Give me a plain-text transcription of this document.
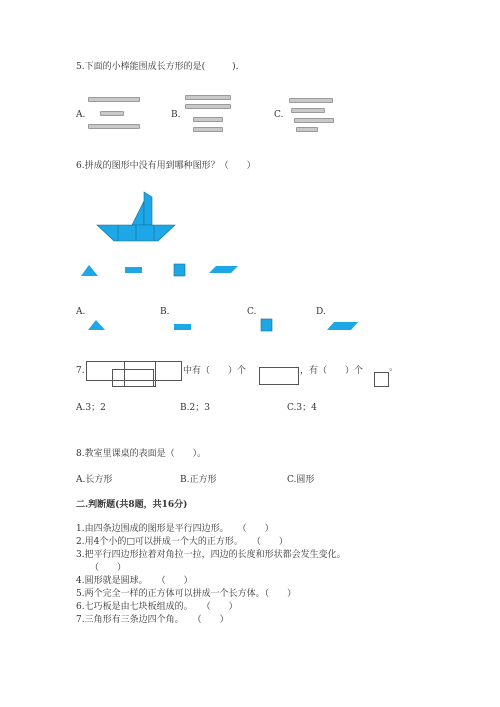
5.下面的小棒能围成长方形的是(　　　).
A.	B.	C.
6.拼成的图形中没有用到哪种图形？（　　）
A.	B.	C.	D.
7.	中有（　　）个	，有（　　）个	。
A.3；2	B.2；3	C.3；4
8.教室里课桌的表面是（　　）。
A.长方形	B.正方形	C.圆形
二.判断题(共8题，共16分)
1.由四条边围成的图形是平行四边形。　　（　　）
2.用4个小的□可以拼成一个大的正方形。　　（　　）
3.把平行四边形拉着对角拉一拉，四边的长度和形状都会发生变化。
（　　）
4.圆形就是圆球。　　（　　）
5.两个完全一样的正方体可以拼成一个长方体。（　　）
6.七巧板是由七块板组成的。　　（　　）
7.三角形有三条边四个角。　　（　　）
